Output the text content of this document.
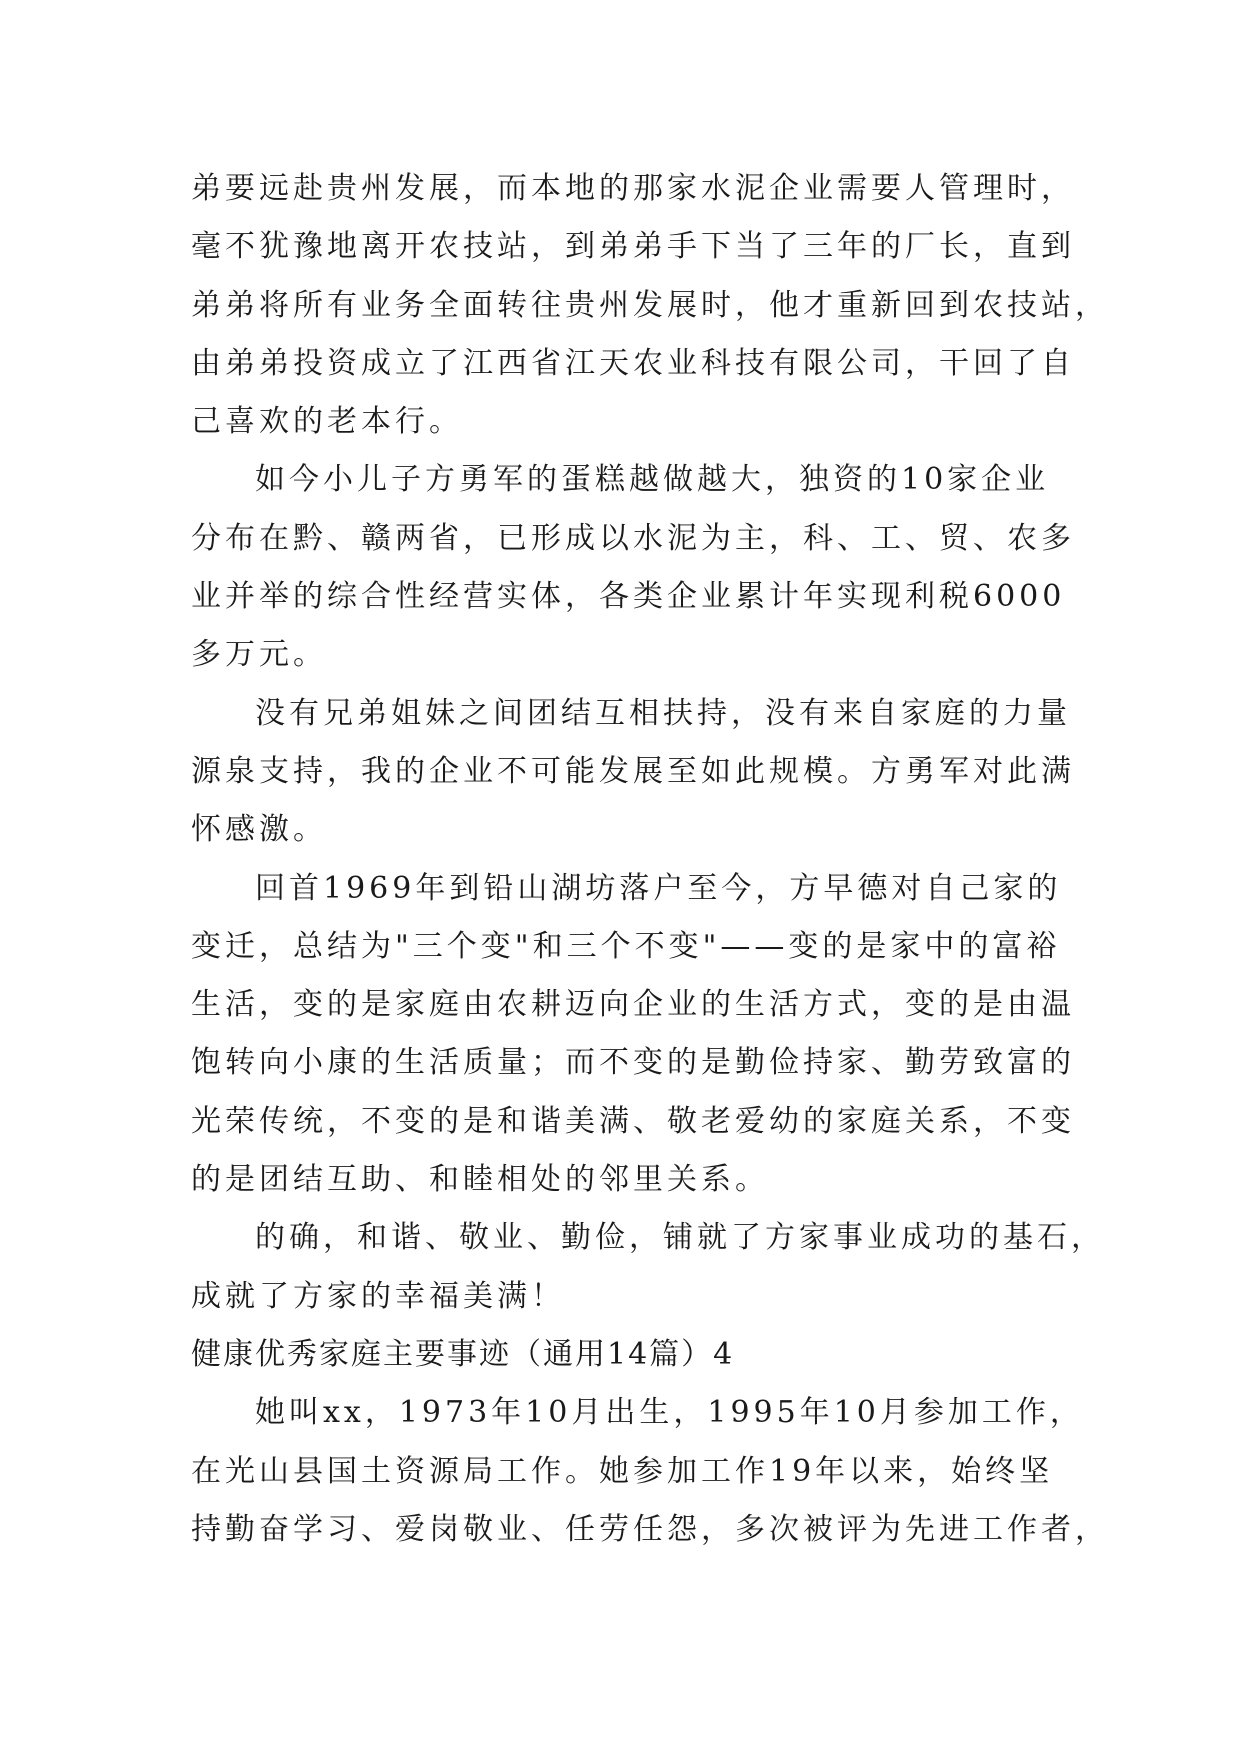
弟要远赴贵州发展，而本地的那家水泥企业需要人管理时，
毫不犹豫地离开农技站，到弟弟手下当了三年的厂长，直到
弟弟将所有业务全面转往贵州发展时，他才重新回到农技站，
由弟弟投资成立了江西省江天农业科技有限公司，干回了自
己喜欢的老本行。
如今小儿子方勇军的蛋糕越做越大，独资的10家企业
分布在黔、赣两省，已形成以水泥为主，科、工、贸、农多
业并举的综合性经营实体，各类企业累计年实现利税6000
多万元。
没有兄弟姐妹之间团结互相扶持，没有来自家庭的力量
源泉支持，我的企业不可能发展至如此规模。方勇军对此满
怀感激。
回首1969年到铅山湖坊落户至今，方早德对自己家的
变迁，总结为"三个变"和三个不变"——变的是家中的富裕
生活，变的是家庭由农耕迈向企业的生活方式，变的是由温
饱转向小康的生活质量；而不变的是勤俭持家、勤劳致富的
光荣传统，不变的是和谐美满、敬老爱幼的家庭关系，不变
的是团结互助、和睦相处的邻里关系。
的确，和谐、敬业、勤俭，铺就了方家事业成功的基石，
成就了方家的幸福美满！
健康优秀家庭主要事迹（通用14篇）4
她叫xx，1973年10月出生，1995年10月参加工作，
在光山县国土资源局工作。她参加工作19年以来，始终坚
持勤奋学习、爱岗敬业、任劳任怨，多次被评为先进工作者，
